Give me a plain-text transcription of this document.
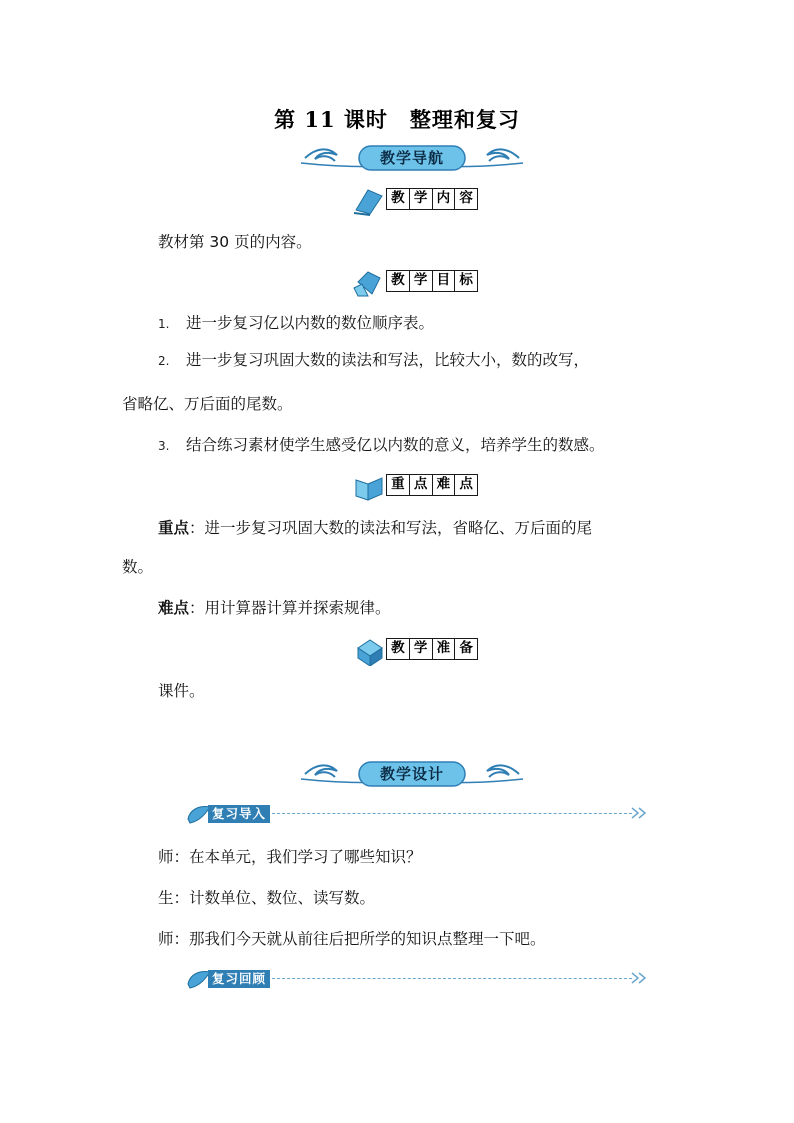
第 11 课时　整理和复习
教学导航
教 学 内 容
教材第 30 页的内容。
教 学 目 标
1. 进一步复习亿以内数的数位顺序表。
2. 进一步复习巩固大数的读法和写法，比较大小，数的改写，
省略亿、万后面的尾数。
3. 结合练习素材使学生感受亿以内数的意义，培养学生的数感。
重 点 难 点
重点：进一步复习巩固大数的读法和写法，省略亿、万后面的尾
数。
难点：用计算器计算并探索规律。
教 学 准 备
课件。
教学设计
复习导入
师：在本单元，我们学习了哪些知识？
生：计数单位、数位、读写数。
师：那我们今天就从前往后把所学的知识点整理一下吧。
复习回顾
